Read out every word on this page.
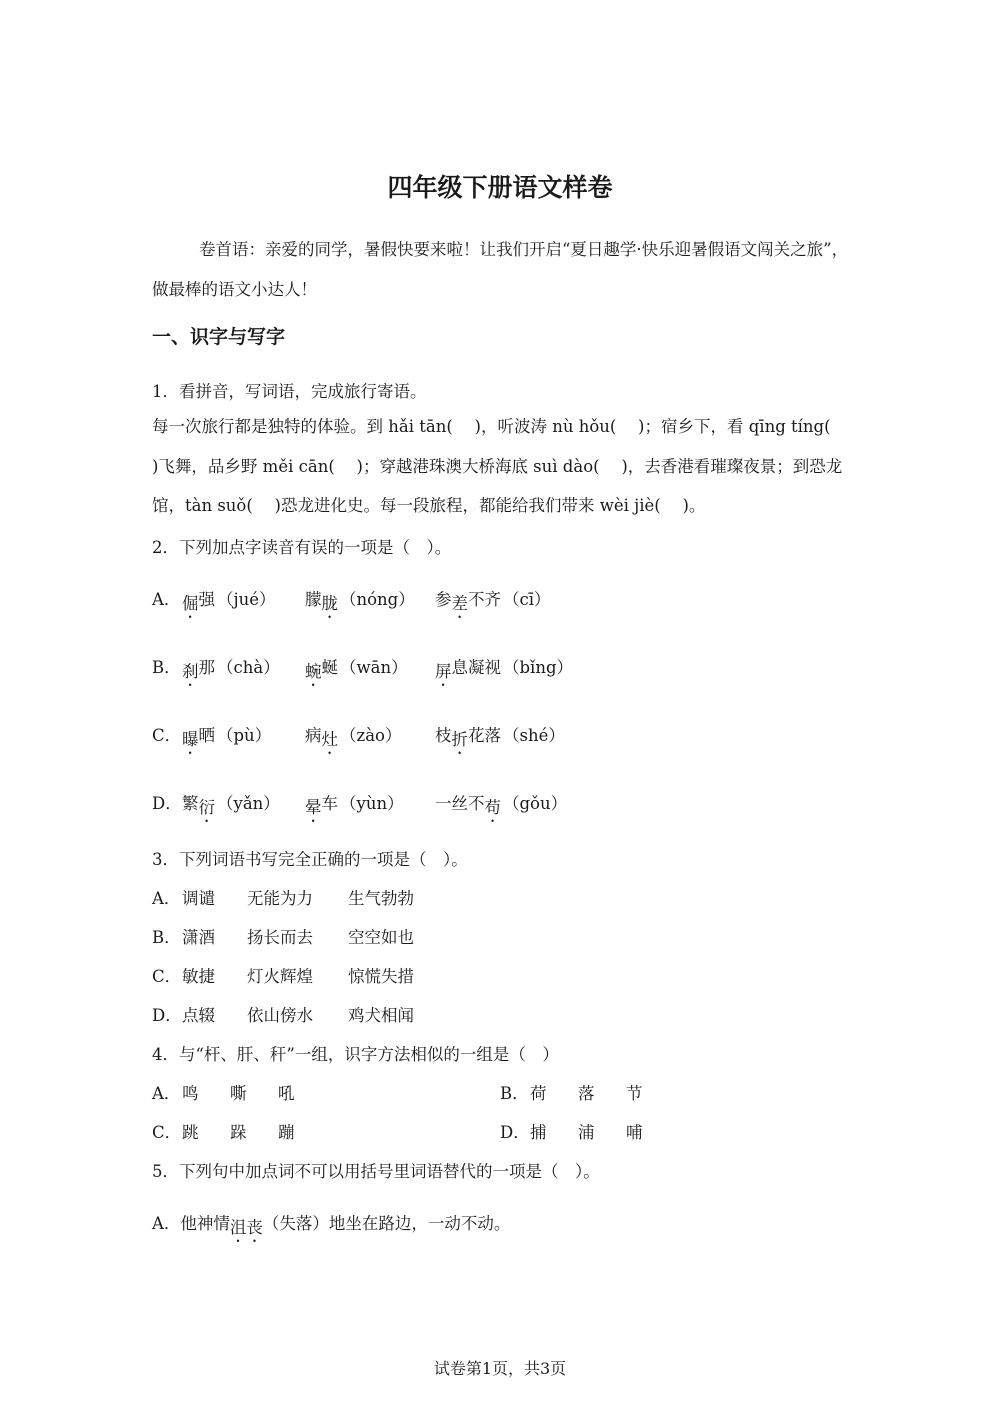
四年级下册语文样卷
卷首语：亲爱的同学，暑假快要来啦！让我们开启“夏日趣学·快乐迎暑假语文闯关之旅”，做最棒的语文小达人！
一、识字与写字
1．看拼音，写词语，完成旅行寄语。
每一次旅行都是独特的体验。到 hǎi tān(　 )，听波涛 nù hǒu(　 )；宿乡下，看 qīng tíng(　 )飞舞，品乡野 měi cān(　 )；穿越港珠澳大桥海底 suì dào(　 )，去香港看璀璨夜景；到恐龙馆，tàn suǒ(　 )恐龙进化史。每一段旅程，都能给我们带来 wèi jiè(　 )。
2．下列加点字读音有误的一项是（　）。
A． 倔强 （jué） 朦胧 （nóng） 参差不齐 （cī）
B． 刹那 （chà） 蜿蜒 （wān） 屏息凝视 （bǐng）
C． 曝晒 （pù） 病灶 （zào） 枝折花落 （shé）
D． 繁衍 （yǎn） 晕车 （yùn） 一丝不苟 （gǒu）
3．下列词语书写完全正确的一项是（　）。
A． 调谴 无能为力 生气勃勃
B． 潇酒 扬长而去 空空如也
C． 敏捷 灯火辉煌 惊慌失措
D． 点辍 依山傍水 鸡犬相闻
4．与“杆、肝、秆”一组，识字方法相似的一组是（　）
A． 鸣 嘶 吼	B． 荷 落 节
C． 跳 跺 蹦	D． 捕 浦 哺
5．下列句中加点词不可以用括号里词语替代的一项是（　）。
A．他神情沮丧（失落）地坐在路边，一动不动。
试卷第1页，共3页
